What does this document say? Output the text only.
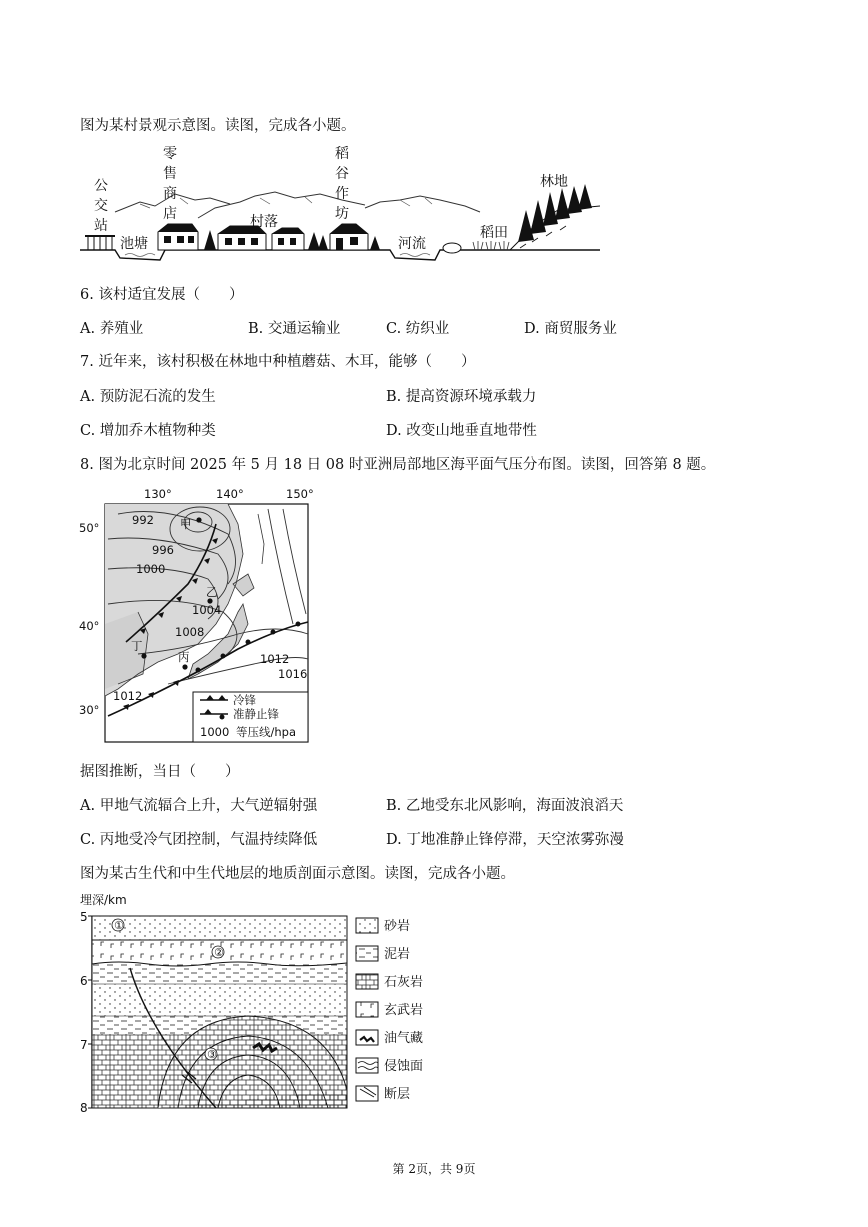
图为某村景观示意图。读图，完成各小题。
公
交
站
零
售
商
店
稻
谷
作
坊
林地
池塘
村落
河流
稻田
6. 该村适宜发展（　　）
A. 养殖业	B. 交通运输业	C. 纺织业	D. 商贸服务业
7. 近年来，该村积极在林地中种植蘑菇、木耳，能够（　　）
A. 预防泥石流的发生	B. 提高资源环境承载力
C. 增加乔木植物种类	D. 改变山地垂直地带性
8. 图为北京时间 2025 年 5 月 18 日 08 时亚洲局部地区海平面气压分布图。读图，回答第 8 题。
130°	140°	150°
50°
40°
30°
992
996
1000
1004
1008
1012
1012
1016
甲
乙
丙
丁
冷锋
准静止锋
1000 等压线/hpa
据图推断，当日（　　）
A. 甲地气流辐合上升，大气逆辐射强	B. 乙地受东北风影响，海面波浪滔天
C. 丙地受冷气团控制，气温持续降低	D. 丁地准静止锋停滞，天空浓雾弥漫
图为某古生代和中生代地层的地质剖面示意图。读图，完成各小题。
①
②
③
埋深/km
5
6
7
8
砂岩
泥岩
石灰岩
玄武岩
油气藏
侵蚀面
断层
第 2页，共 9页
